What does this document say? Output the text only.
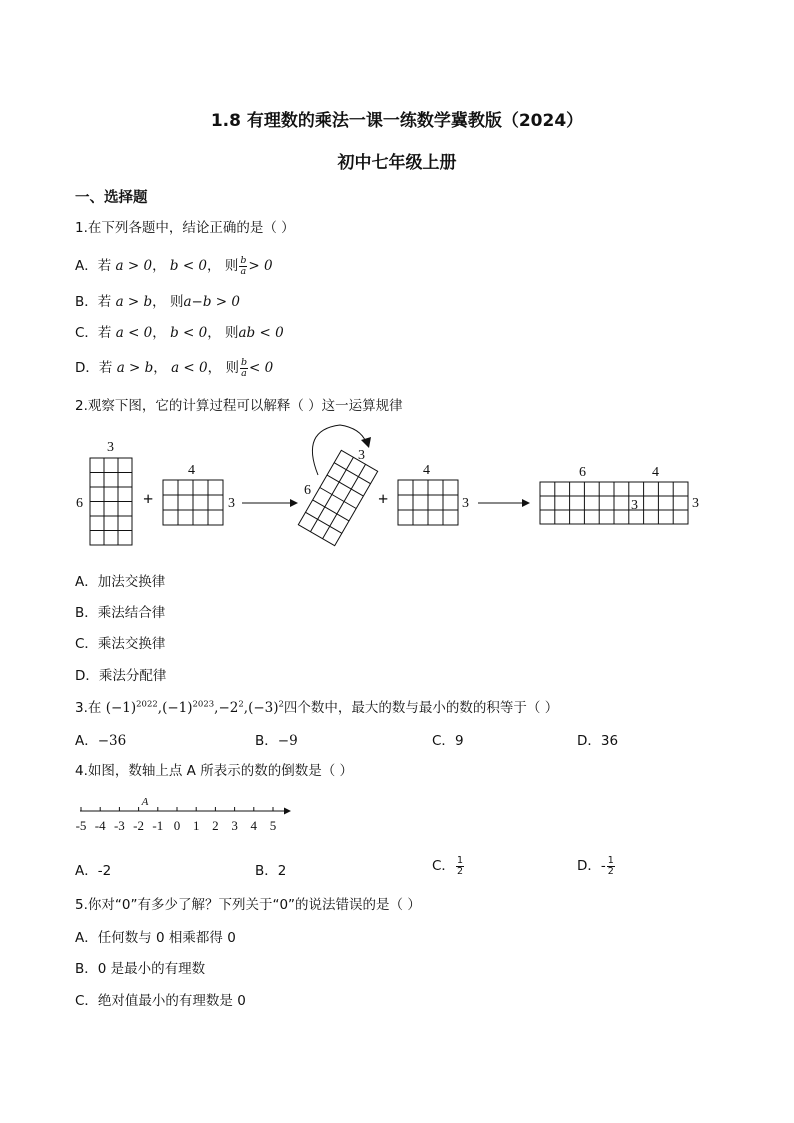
1.8 有理数的乘法一课一练数学冀教版（2024）
初中七年级上册
一、选择题
1.在下列各题中，结论正确的是（ ）
A．若 a > 0， b < 0， 则 $\frac{b}{a} > 0$
B．若 a > b， 则a−b > 0
C．若 a < 0， b < 0， 则ab < 0
D．若 a > b， a < 0， 则 $\frac{b}{a} < 0$
2.观察下图，它的计算过程可以解释（ ）这一运算规律
3
6
4
3
3
6
4
3
6	4
3	3
+	+
A．加法交换律
B．乘法结合律
C．乘法交换律
D．乘法分配律
3.在 $(-1)^{2022},(-1)^{2023},-2^2,(-3)^2$四个数中，最大的数与最小的数的积等于（ ）
A．−36	B．−9	C．9	D．36
4.如图，数轴上点 A 所表示的数的倒数是（ ）
-5 -4 -3 -2 -1 0 1 2 3 4 5
A
A．-2	B．2	C． $\frac{1}{2}$	D．- $\frac{1}{2}$
5.你对“0”有多少了解？下列关于“0”的说法错误的是（ ）
A．任何数与 0 相乘都得 0
B．0 是最小的有理数
C．绝对值最小的有理数是 0
